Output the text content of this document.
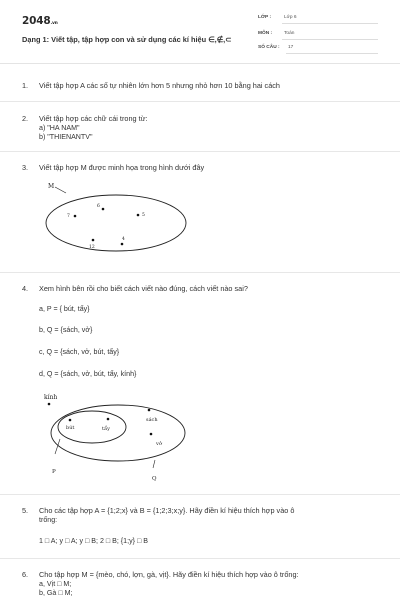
2048.vn
Dạng 1: Viết tập, tập hợp con và sử dụng các kí hiệu ∈,∉,⊂
LỚP :	Lớp 6
MÔN : Toán
SỐ CÂU : 17
1. Viết tập hợp A các số tự nhiên lớn hơn 5 nhưng nhỏ hơn 10 bằng hai cách
2. Viết tập hợp các chữ cái trong từ:
a) "HA NAM"
b) "THIENANTV"
3. Viết tập hợp M được minh họa trong hình dưới đây
M
7
6
5
12
4
4. Xem hình bên rồi cho biết cách viết nào đúng, cách viết nào sai?
a, P = { bút, tẩy}
b, Q = {sách, vở}
c, Q = {sách, vở, bút, tẩy}
d, Q = {sách, vở, bút, tẩy, kính}
kính
bút	tẩy
sách
vở
P
Q
5. Cho các tập hợp A = {1;2;x} và B = {1;2;3;x;y}. Hãy điền kí hiệu thích hợp vào ô
trống:
1 □ A; y □ A; y □ B; 2 □ B; {1;y} □ B
6. Cho tập hợp M = {mèo, chó, lợn, gà, vịt}. Hãy điền kí hiệu thích hợp vào ô trống:
a, Vịt □ M;
b, Gà □ M;
